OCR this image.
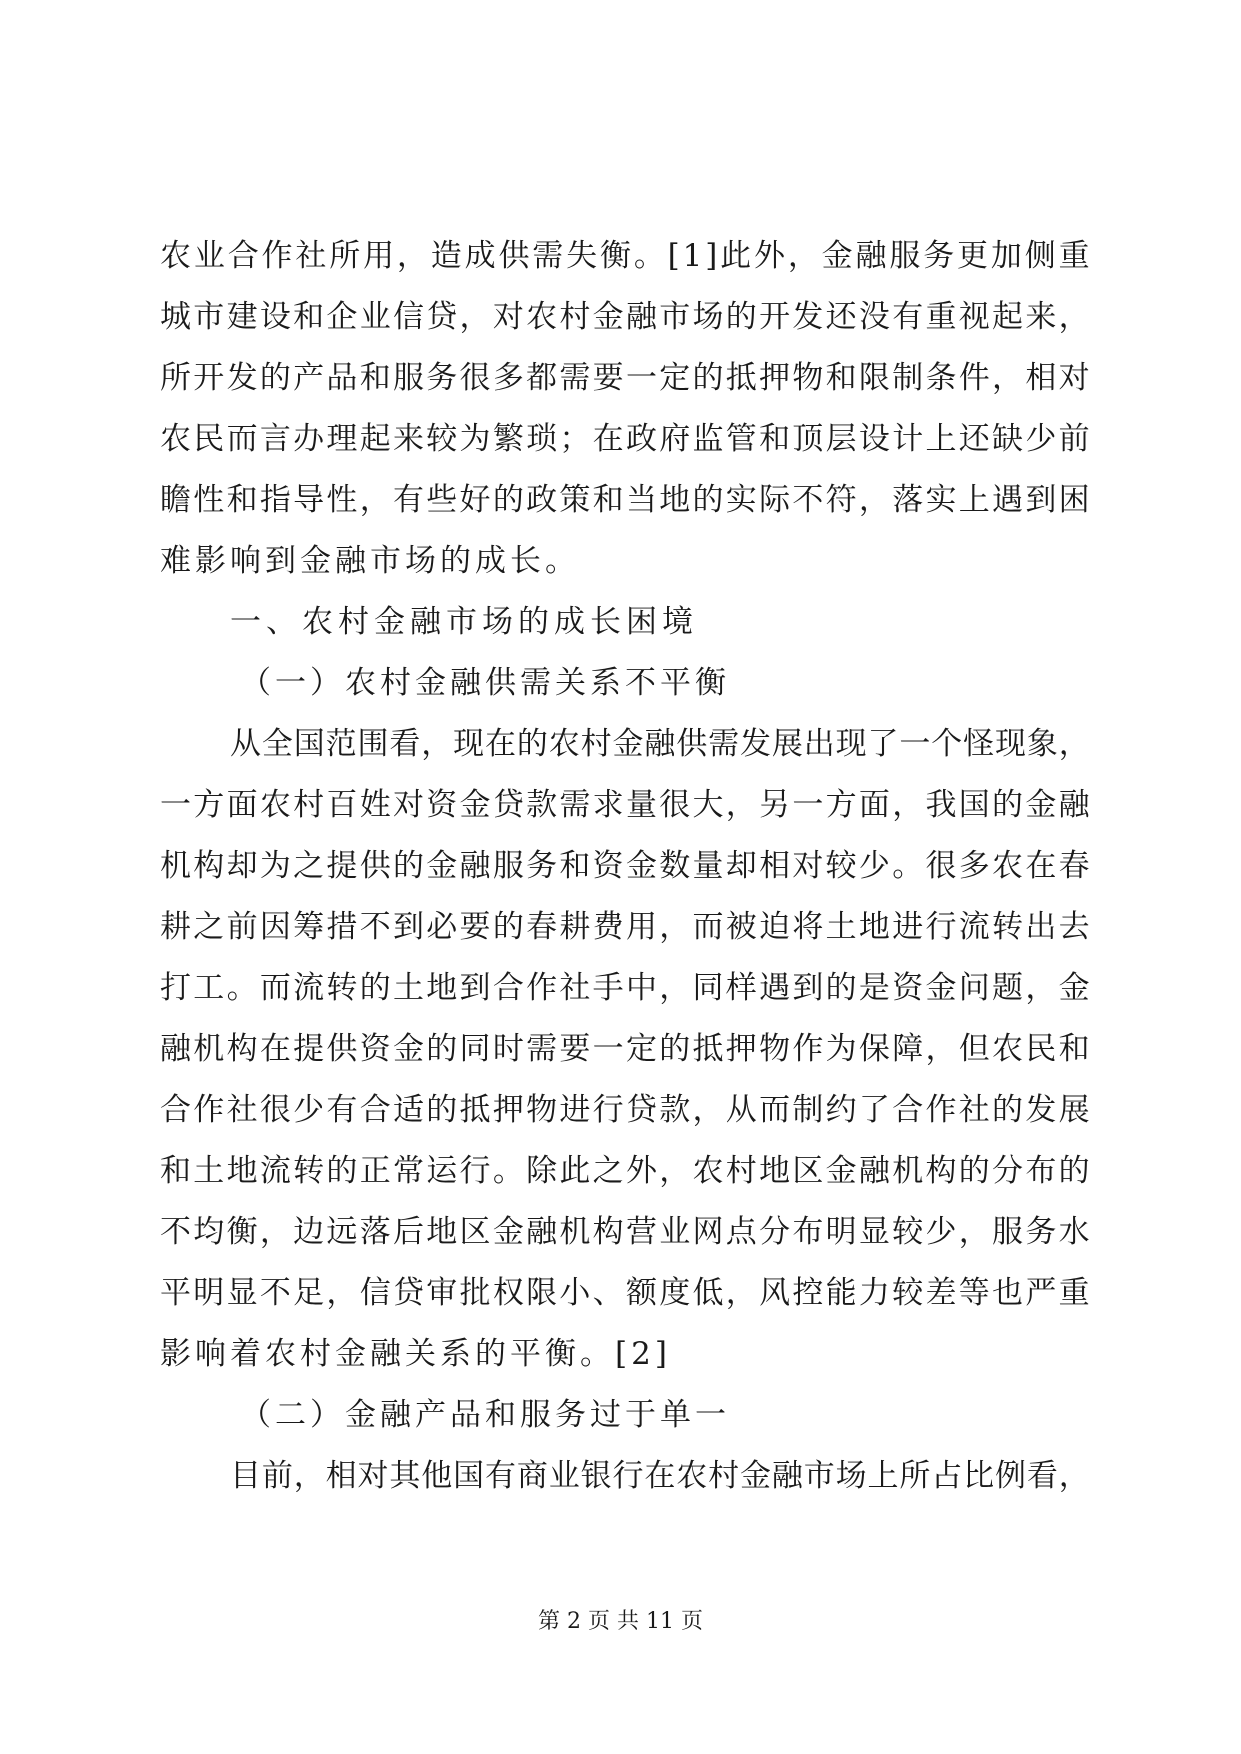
农 业 合 作 社 所 用 ， 造 成 供 需 失 衡 。 [ 1 ] 此 外 ， 金 融 服 务 更 加 侧 重
城 市 建 设 和 企 业 信 贷 ， 对 农 村 金 融 市 场 的 开 发 还 没 有 重 视 起 来 ，
所 开 发 的 产 品 和 服 务 很 多 都 需 要 一 定 的 抵 押 物 和 限 制 条 件 ， 相 对
农 民 而 言 办 理 起 来 较 为 繁 琐 ； 在 政 府 监 管 和 顶 层 设 计 上 还 缺 少 前
瞻 性 和 指 导 性 ， 有 些 好 的 政 策 和 当 地 的 实 际 不 符 ， 落 实 上 遇 到 困
难影响到金融市场的成长。
一、农村金融市场的成长困境
（一）农村金融供需关系不平衡
从 全 国 范 围 看 ， 现 在 的 农 村 金 融 供 需 发 展 出 现 了 一 个 怪 现 象 ，
一 方 面 农 村 百 姓 对 资 金 贷 款 需 求 量 很 大 ， 另 一 方 面 ， 我 国 的 金 融
机 构 却 为 之 提 供 的 金 融 服 务 和 资 金 数 量 却 相 对 较 少 。 很 多 农 在 春
耕 之 前 因 筹 措 不 到 必 要 的 春 耕 费 用 ， 而 被 迫 将 土 地 进 行 流 转 出 去
打 工 。 而 流 转 的 土 地 到 合 作 社 手 中 ， 同 样 遇 到 的 是 资 金 问 题 ， 金
融 机 构 在 提 供 资 金 的 同 时 需 要 一 定 的 抵 押 物 作 为 保 障 ， 但 农 民 和
合 作 社 很 少 有 合 适 的 抵 押 物 进 行 贷 款 ， 从 而 制 约 了 合 作 社 的 发 展
和 土 地 流 转 的 正 常 运 行 。 除 此 之 外 ， 农 村 地 区 金 融 机 构 的 分 布 的
不 均 衡 ， 边 远 落 后 地 区 金 融 机 构 营 业 网 点 分 布 明 显 较 少 ， 服 务 水
平 明 显 不 足 ， 信 贷 审 批 权 限 小 、 额 度 低 ， 风 控 能 力 较 差 等 也 严 重
影响着农村金融关系的平衡。[2]
（二）金融产品和服务过于单一
目 前 ， 相 对 其 他 国 有 商 业 银 行 在 农 村 金 融 市 场 上 所 占 比 例 看 ，
第 2 页 共 11 页
